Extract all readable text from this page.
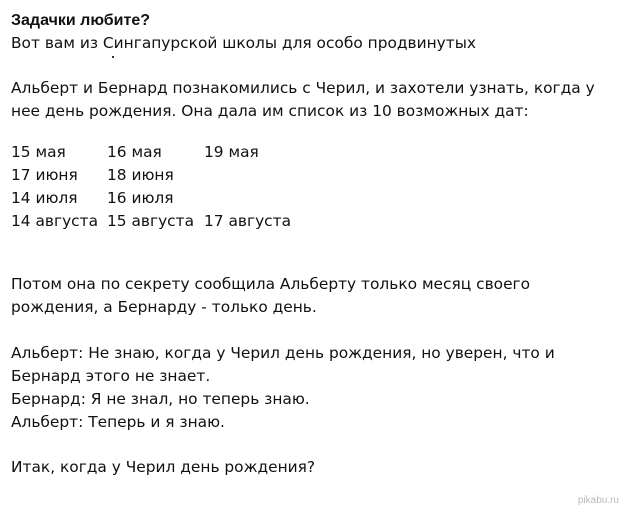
Задачки любите?

Вот вам из Сингапурской школы для особо продвинутых

Альберт и Бернард познакомились с Черил, и захотели узнать, когда у

нее день рождения. Она дала им список из 10 возможных дат:

15 мая	16 мая	19 мая
17 июня	18 июня
14 июля	16 июля
14 августа 15 августа 17 августа

Потом она по секрету сообщила Альберту только месяц своего

рождения, а Бернарду - только день.

Альберт: Не знаю, когда у Черил день рождения, но уверен, что и

Бернард этого не знает.

Бернард: Я не знал, но теперь знаю.

Альберт: Теперь и я знаю.

Итак, когда у Черил день рождения?

pikabu.ru
